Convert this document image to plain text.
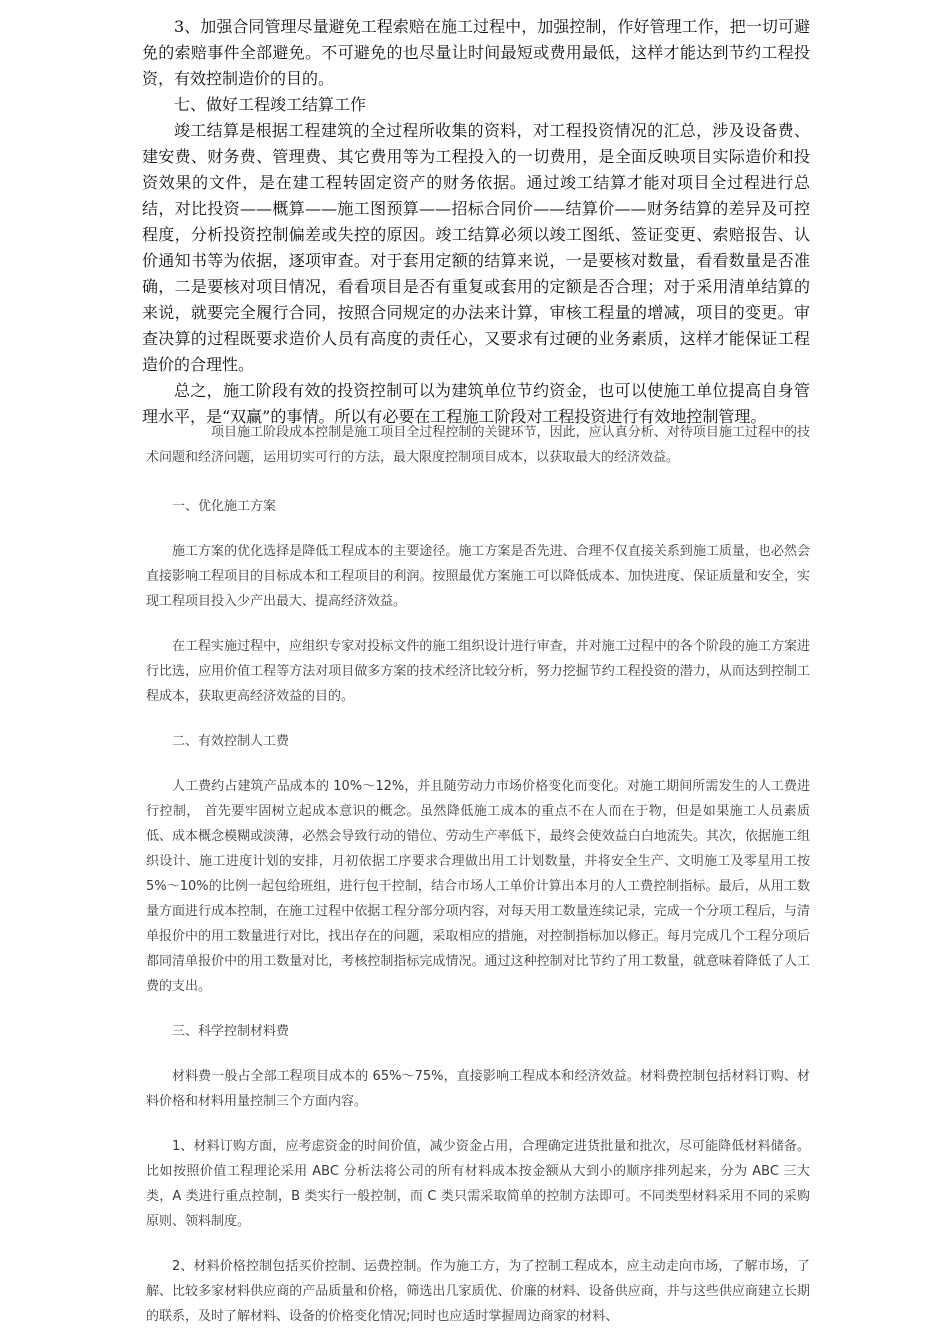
3、加强合同管理尽量避免工程索赔在施工过程中，加强控制，作好管理工作，把一切可避免的索赔事件全部避免。不可避免的也尽量让时间最短或费用最低，这样才能达到节约工程投资，有效控制造价的目的。

七、做好工程竣工结算工作

竣工结算是根据工程建筑的全过程所收集的资料，对工程投资情况的汇总，涉及设备费、建安费、财务费、管理费、其它费用等为工程投入的一切费用，是全面反映项目实际造价和投资效果的文件，是在建工程转固定资产的财务依据。通过竣工结算才能对项目全过程进行总结，对比投资——概算——施工图预算——招标合同价——结算价——财务结算的差异及可控程度，分析投资控制偏差或失控的原因。竣工结算必须以竣工图纸、签证变更、索赔报告、认价通知书等为依据，逐项审查。对于套用定额的结算来说，一是要核对数量，看看数量是否准确，二是要核对项目情况，看看项目是否有重复或套用的定额是否合理；对于采用清单结算的来说，就要完全履行合同，按照合同规定的办法来计算，审核工程量的增减，项目的变更。审查决算的过程既要求造价人员有高度的责任心，又要求有过硬的业务素质，这样才能保证工程造价的合理性。

总之，施工阶段有效的投资控制可以为建筑单位节约资金，也可以使施工单位提高自身管理水平，是“双赢”的事情。所以有必要在工程施工阶段对工程投资进行有效地控制管理。

项目施工阶段成本控制是施工项目全过程控制的关键环节，因此，应认真分析、对待项目施工过程中的技术问题和经济问题，运用切实可行的方法，最大限度控制项目成本，以获取最大的经济效益。

一、优化施工方案

施工方案的优化选择是降低工程成本的主要途径。施工方案是否先进、合理不仅直接关系到施工质量，也必然会直接影响工程项目的目标成本和工程项目的利润。按照最优方案施工可以降低成本、加快进度、保证质量和安全，实现工程项目投入少产出最大、提高经济效益。

在工程实施过程中，应组织专家对投标文件的施工组织设计进行审查，并对施工过程中的各个阶段的施工方案进行比选，应用价值工程等方法对项目做多方案的技术经济比较分析，努力挖掘节约工程投资的潜力，从而达到控制工程成本，获取更高经济效益的目的。

二、有效控制人工费

人工费约占建筑产品成本的 10%～12%，并且随劳动力市场价格变化而变化。对施工期间所需发生的人工费进行控制， 首先要牢固树立起成本意识的概念。虽然降低施工成本的重点不在人而在于物，但是如果施工人员素质低、成本概念模糊或淡薄，必然会导致行动的错位、劳动生产率低下，最终会使效益白白地流失。其次，依据施工组织设计、施工进度计划的安排，月初依据工序要求合理做出用工计划数量，并将安全生产、文明施工及零星用工按 5%～10%的比例一起包给班组，进行包干控制，结合市场人工单价计算出本月的人工费控制指标。最后，从用工数量方面进行成本控制，在施工过程中依据工程分部分项内容，对每天用工数量连续记录，完成一个分项工程后，与清单报价中的用工数量进行对比，找出存在的问题，采取相应的措施，对控制指标加以修正。每月完成几个工程分项后都同清单报价中的用工数量对比，考核控制指标完成情况。通过这种控制对比节约了用工数量，就意味着降低了人工费的支出。

三、科学控制材料费

材料费一般占全部工程项目成本的 65%～75%，直接影响工程成本和经济效益。材料费控制包括材料订购、材料价格和材料用量控制三个方面内容。

1、材料订购方面，应考虑资金的时间价值，减少资金占用，合理确定进货批量和批次，尽可能降低材料储备。比如按照价值工程理论采用 ABC 分析法将公司的所有材料成本按金额从大到小的顺序排列起来，分为 ABC 三大类，A 类进行重点控制，B 类实行一般控制，而 C 类只需采取简单的控制方法即可。不同类型材料采用不同的采购原则、领料制度。

2、材料价格控制包括买价控制、运费控制。作为施工方，为了控制工程成本，应主动走向市场，了解市场，了解、比较多家材料供应商的产品质量和价格，筛选出几家质优、价廉的材料、设备供应商，并与这些供应商建立长期的联系，及时了解材料、设备的价格变化情况;同时也应适时掌握周边商家的材料、
